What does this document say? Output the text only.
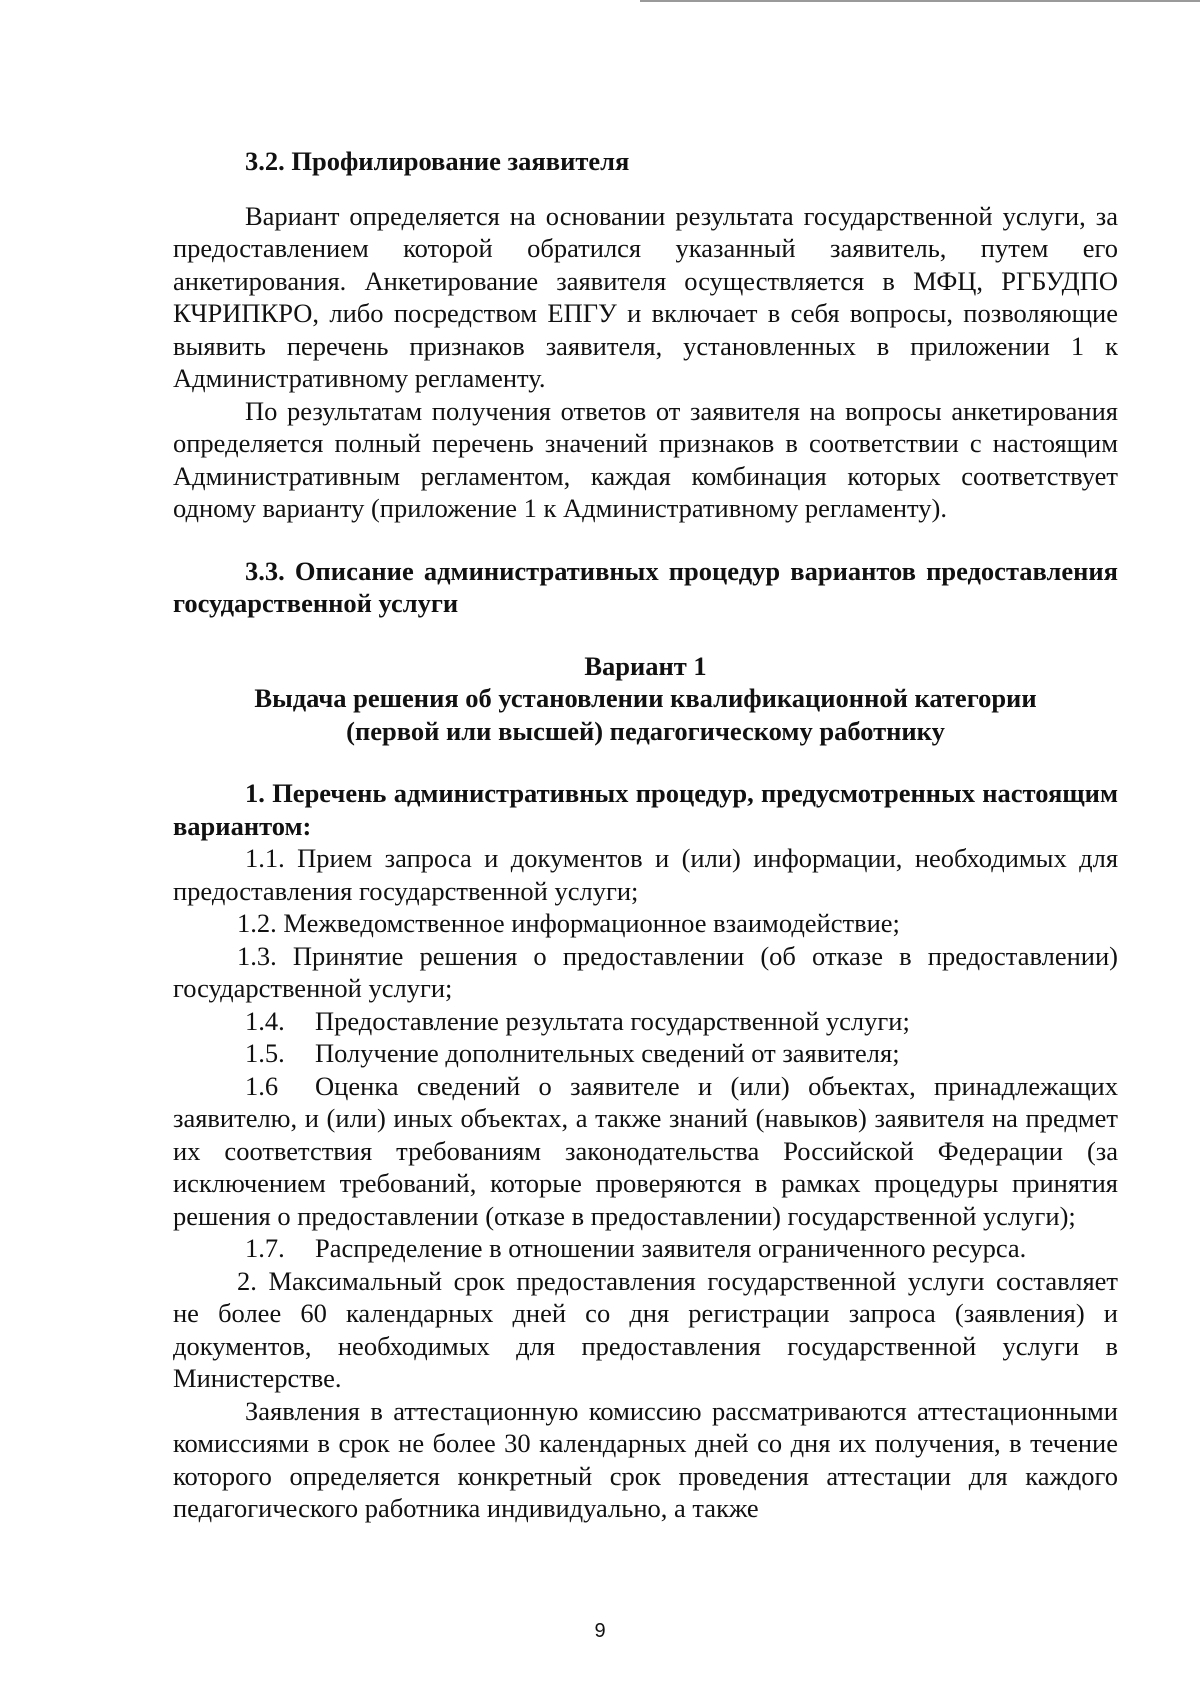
3.2. Профилирование заявителя

Вариант определяется на основании результата государственной услуги, за предоставлением которой обратился указанный заявитель, путем его анкетирования. Анкетирование заявителя осуществляется в МФЦ, РГБУДПО КЧРИПКРО, либо посредством ЕПГУ и включает в себя вопросы, позволяющие выявить перечень признаков заявителя, установленных в приложении 1 к Административному регламенту.

По результатам получения ответов от заявителя на вопросы анкетирования определяется полный перечень значений признаков в соответствии с настоящим Административным регламентом, каждая комбинация которых соответствует одному варианту (приложение 1 к Административному регламенту).

3.3. Описание административных процедур вариантов предоставления государственной услуги

Вариант 1

Выдача решения об установлении квалификационной категории

(первой или высшей) педагогическому работнику

1. Перечень административных процедур, предусмотренных настоящим вариантом:

1.1. Прием запроса и документов и (или) информации, необходимых для предоставления государственной услуги;

1.2. Межведомственное информационное взаимодействие;

1.3. Принятие решения о предоставлении (об отказе в предоставлении) государственной услуги;

1.4. Предоставление результата государственной услуги;

1.5. Получение дополнительных сведений от заявителя;

1.6 Оценка сведений о заявителе и (или) объектах, принадлежащих заявителю, и (или) иных объектах, а также знаний (навыков) заявителя на предмет их соответствия требованиям законодательства Российской Федерации (за исключением требований, которые проверяются в рамках процедуры принятия решения о предоставлении (отказе в предоставлении) государственной услуги);

1.7. Распределение в отношении заявителя ограниченного ресурса.

2. Максимальный срок предоставления государственной услуги составляет не более 60 календарных дней со дня регистрации запроса (заявления) и документов, необходимых для предоставления государственной услуги в Министерстве.

Заявления в аттестационную комиссию рассматриваются аттестационными комиссиями в срок не более 30 календарных дней со дня их получения, в течение которого определяется конкретный срок проведения аттестации для каждого педагогического работника индивидуально, а также

9
